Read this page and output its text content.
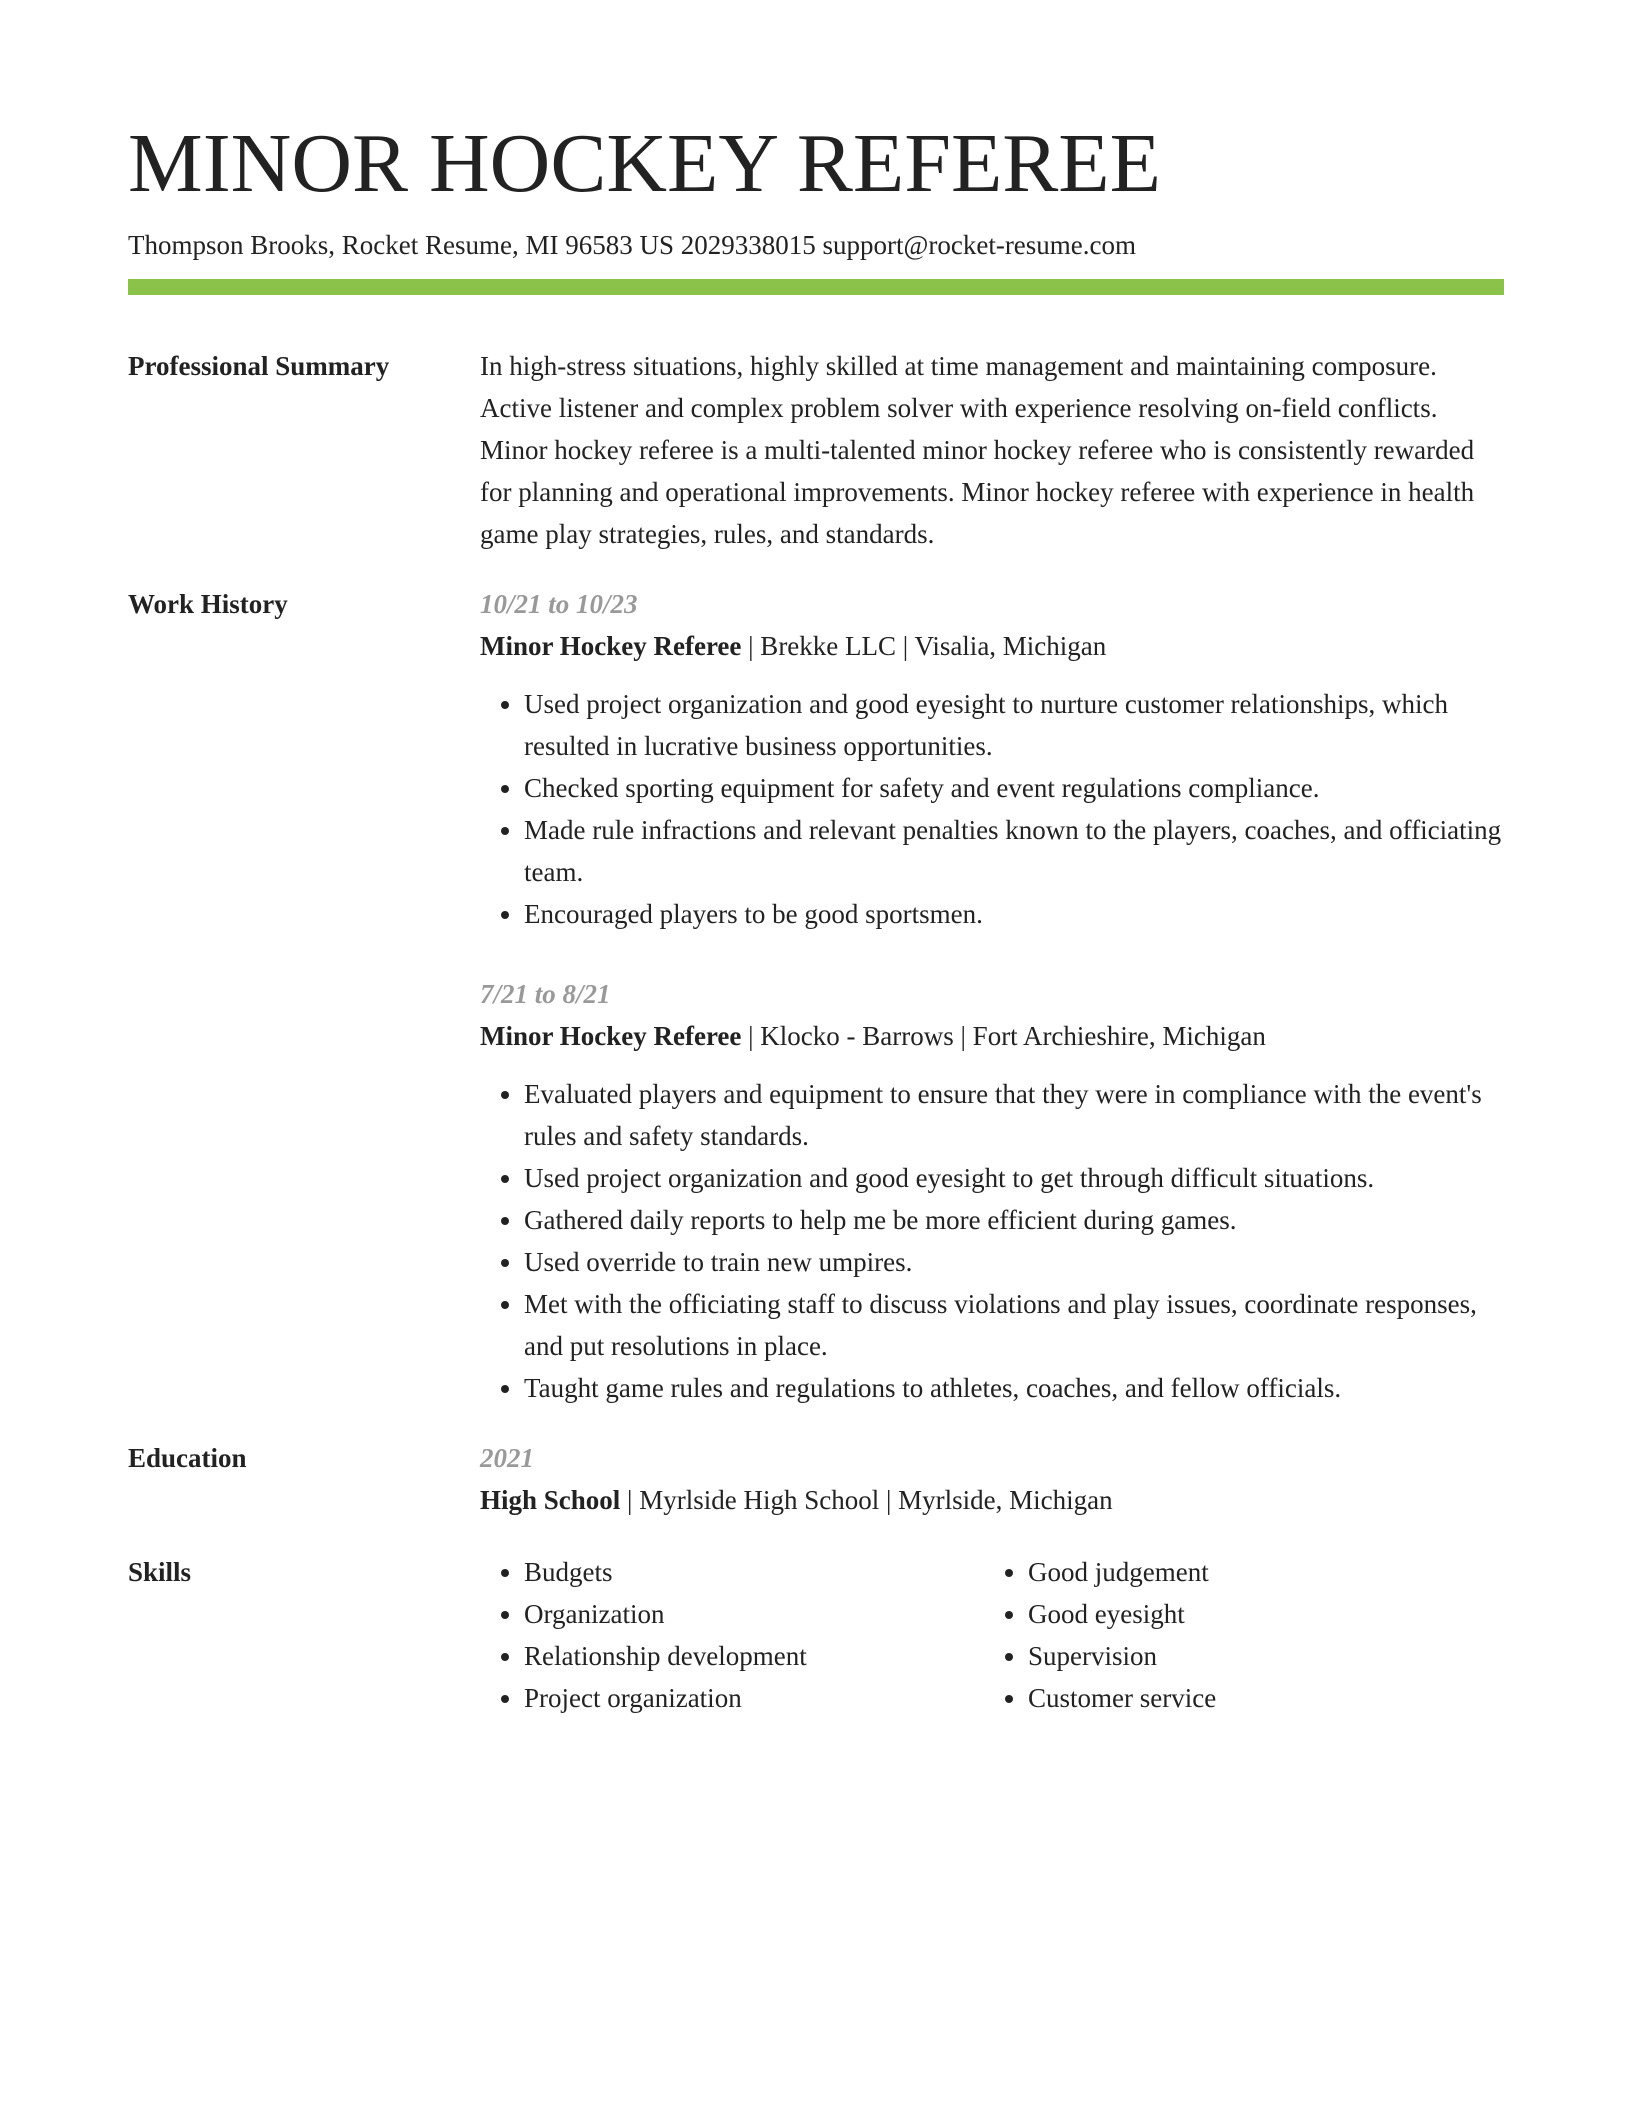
MINOR HOCKEY REFEREE
Thompson Brooks, Rocket Resume, MI 96583 US 2029338015 support@rocket-resume.com
Professional Summary	In high-stress situations, highly skilled at time management and maintaining composure. Active listener and complex problem solver with experience resolving on-field conflicts. Minor hockey referee is a multi-talented minor hockey referee who is consistently rewarded for planning and operational improvements. Minor hockey referee with experience in health game play strategies, rules, and standards.

Work History	10/21 to 10/23
Minor Hockey Referee | Brekke LLC | Visalia, Michigan
• Used project organization and good eyesight to nurture customer relationships, which resulted in lucrative business opportunities.
• Checked sporting equipment for safety and event regulations compliance.
• Made rule infractions and relevant penalties known to the players, coaches, and officiating team.
• Encouraged players to be good sportsmen.
7/21 to 8/21
Minor Hockey Referee | Klocko - Barrows | Fort Archieshire, Michigan
• Evaluated players and equipment to ensure that they were in compliance with the event's rules and safety standards.
• Used project organization and good eyesight to get through difficult situations.
• Gathered daily reports to help me be more efficient during games.
• Used override to train new umpires.
• Met with the officiating staff to discuss violations and play issues, coordinate responses, and put resolutions in place.
• Taught game rules and regulations to athletes, coaches, and fellow officials.
Education	2021
High School | Myrlside High School | Myrlside, Michigan
Skills
•	Budgets
• Organization
• Relationship development
• Project organization
• Good judgement
• Good eyesight
• Supervision
• Customer service
